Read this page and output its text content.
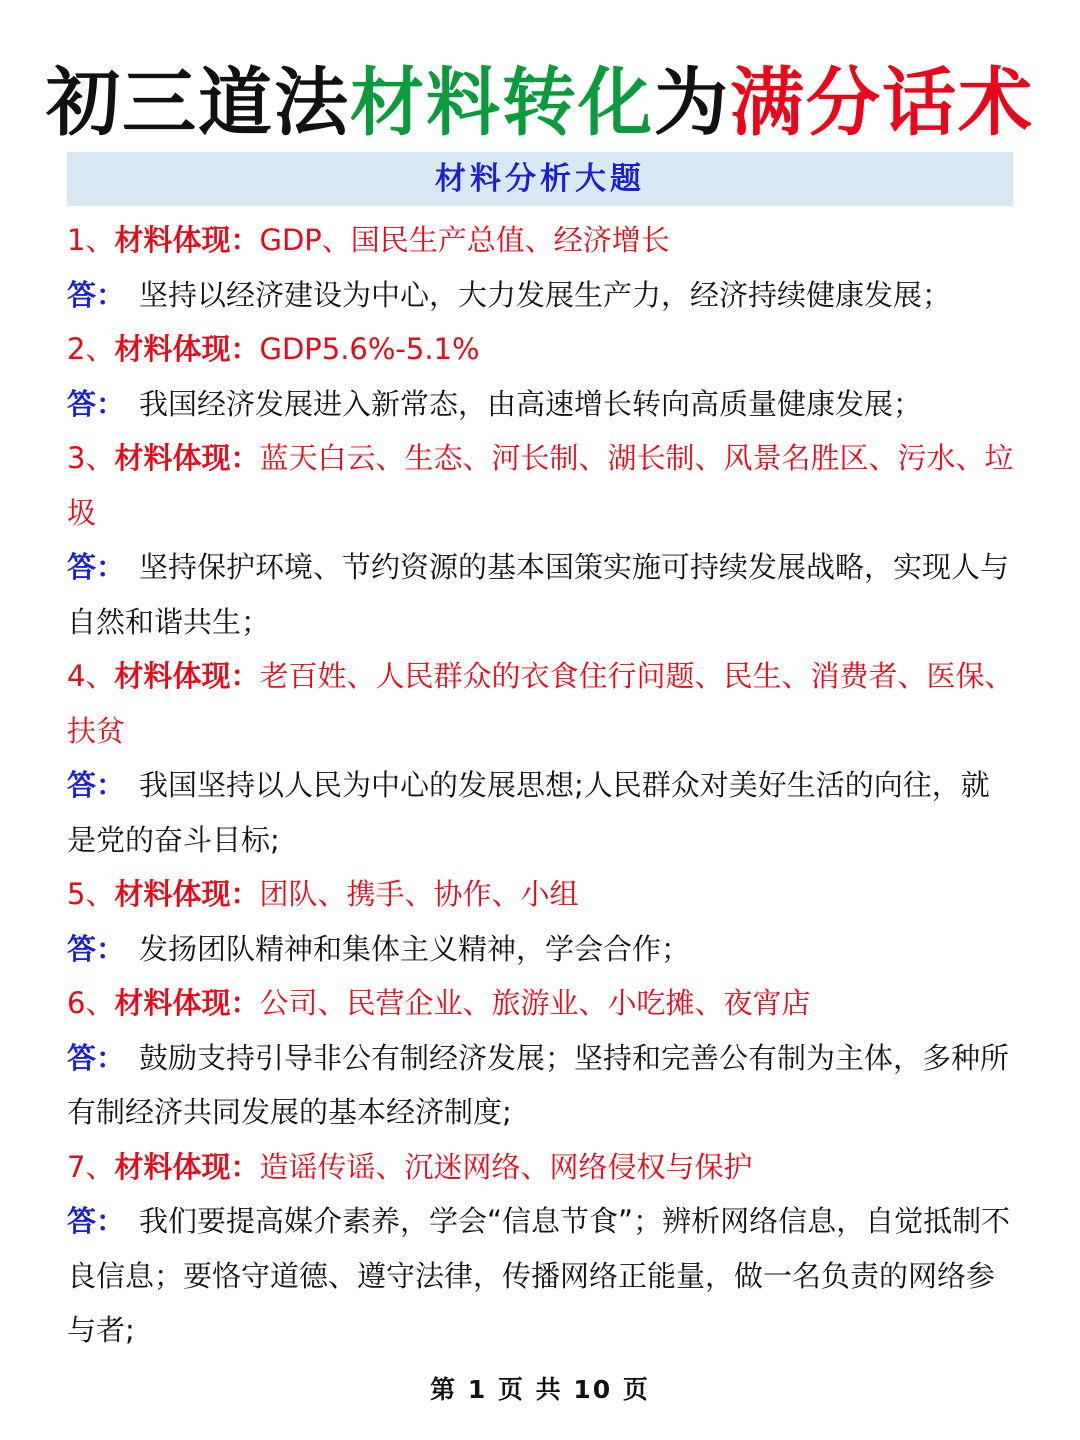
初三道法材料转化为满分话术
材料分析大题
1、材料体现：GDP、国民生产总值、经济增长
答： 坚持以经济建设为中心，大力发展生产力，经济持续健康发展；
2、材料体现：GDP5.6%-5.1%
答： 我国经济发展进入新常态，由高速增长转向高质量健康发展；
3、材料体现：蓝天白云、生态、河长制、湖长制、风景名胜区、污水、垃圾
答： 坚持保护环境、节约资源的基本国策实施可持续发展战略，实现人与自然和谐共生；
4、材料体现：老百姓、人民群众的衣食住行问题、民生、消费者、医保、扶贫
答： 我国坚持以人民为中心的发展思想;人民群众对美好生活的向往，就是党的奋斗目标;
5、材料体现：团队、携手、协作、小组
答： 发扬团队精神和集体主义精神，学会合作；
6、材料体现：公司、民营企业、旅游业、小吃摊、夜宵店
答： 鼓励支持引导非公有制经济发展；坚持和完善公有制为主体，多种所有制经济共同发展的基本经济制度;
7、材料体现：造谣传谣、沉迷网络、网络侵权与保护
答： 我们要提高媒介素养，学会“信息节食”；辨析网络信息，自觉抵制不良信息；要恪守道德、遵守法律，传播网络正能量，做一名负责的网络参与者;
第 1 页 共 10 页
